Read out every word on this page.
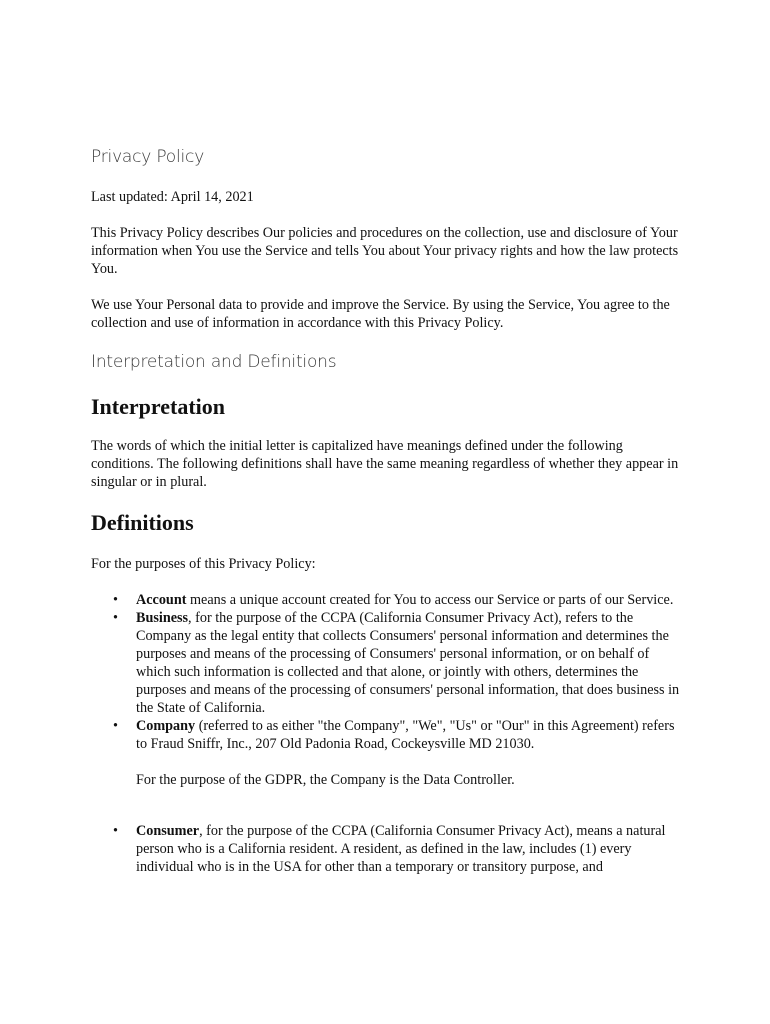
Privacy Policy

Last updated: April 14, 2021

This Privacy Policy describes Our policies and procedures on the collection, use and disclosure of Your information when You use the Service and tells You about Your privacy rights and how the law protects You.

We use Your Personal data to provide and improve the Service. By using the Service, You agree to the collection and use of information in accordance with this Privacy Policy.

Interpretation and Definitions
Interpretation

The words of which the initial letter is capitalized have meanings defined under the following conditions. The following definitions shall have the same meaning regardless of whether they appear in singular or in plural.

Definitions

For the purposes of this Privacy Policy:

• Account means a unique account created for You to access our Service or parts of our Service.
• Business, for the purpose of the CCPA (California Consumer Privacy Act), refers to the Company as the legal entity that collects Consumers' personal information and determines the purposes and means of the processing of Consumers' personal information, or on behalf of which such information is collected and that alone, or jointly with others, determines the purposes and means of the processing of consumers' personal information, that does business in the State of California.
• Company (referred to as either "the Company", "We", "Us" or "Our" in this Agreement) refers to Fraud Sniffr, Inc., 207 Old Padonia Road, Cockeysville MD 21030.
For the purpose of the GDPR, the Company is the Data Controller.
• Consumer, for the purpose of the CCPA (California Consumer Privacy Act), means a natural person who is a California resident. A resident, as defined in the law, includes (1) every individual who is in the USA for other than a temporary or transitory purpose, and
